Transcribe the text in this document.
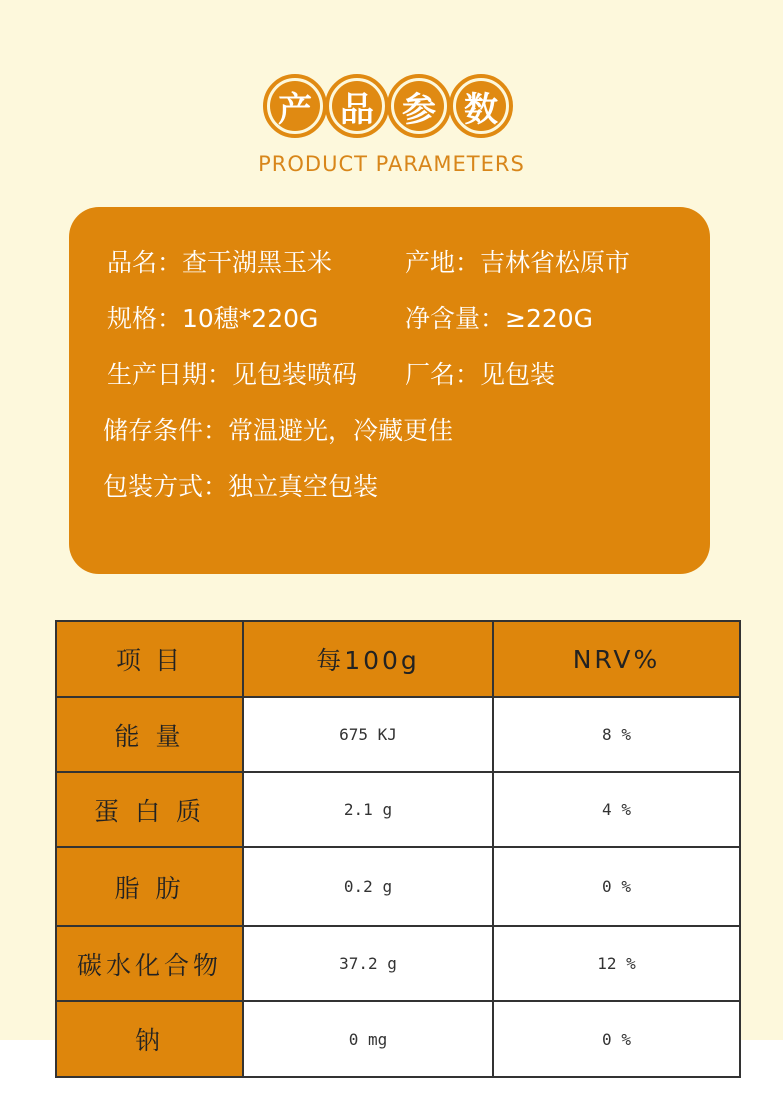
产 品 参 数
PRODUCT PARAMETERS
品名：查干湖黑玉米	产地：吉林省松原市
规格：10穗*220G	净含量：≥220G
生产日期：见包装喷码 厂名：见包装
储存条件：常温避光，冷藏更佳
包装方式：独立真空包装
项 目	每100g	NRV%
能 量	675 KJ	8 %
蛋 白 质	2.1 g	4 %
脂 肪	0.2 g	0 %
碳水化合物	37.2 g	12 %
钠	0 mg	0 %
